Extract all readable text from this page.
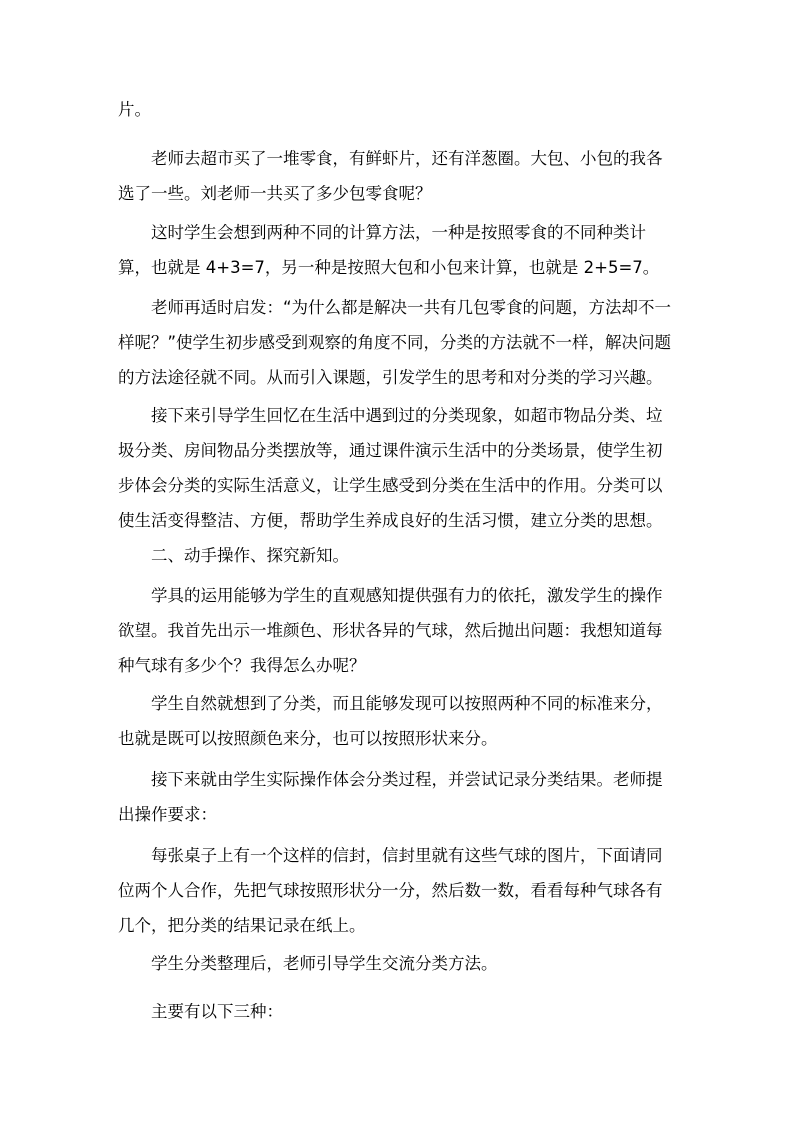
片。

　　老师去超市买了一堆零食，有鲜虾片，还有洋葱圈。大包、小包的我各选了一些。刘老师一共买了多少包零食呢？

　　这时学生会想到两种不同的计算方法，一种是按照零食的不同种类计算，也就是 4+3=7，另一种是按照大包和小包来计算，也就是 2+5=7。

　　老师再适时启发：“为什么都是解决一共有几包零食的问题，方法却不一样呢？”使学生初步感受到观察的角度不同，分类的方法就不一样，解决问题的方法途径就不同。从而引入课题，引发学生的思考和对分类的学习兴趣。

　　接下来引导学生回忆在生活中遇到过的分类现象，如超市物品分类、垃圾分类、房间物品分类摆放等，通过课件演示生活中的分类场景，使学生初步体会分类的实际生活意义，让学生感受到分类在生活中的作用。分类可以使生活变得整洁、方便，帮助学生养成良好的生活习惯，建立分类的思想。

　　二、动手操作、探究新知。

　　学具的运用能够为学生的直观感知提供强有力的依托，激发学生的操作欲望。我首先出示一堆颜色、形状各异的气球，然后抛出问题：我想知道每种气球有多少个？我得怎么办呢？

　　学生自然就想到了分类，而且能够发现可以按照两种不同的标准来分，也就是既可以按照颜色来分，也可以按照形状来分。

　　接下来就由学生实际操作体会分类过程，并尝试记录分类结果。老师提出操作要求：

　　每张桌子上有一个这样的信封，信封里就有这些气球的图片，下面请同位两个人合作，先把气球按照形状分一分，然后数一数，看看每种气球各有几个，把分类的结果记录在纸上。

　　学生分类整理后，老师引导学生交流分类方法。

　　主要有以下三种：
